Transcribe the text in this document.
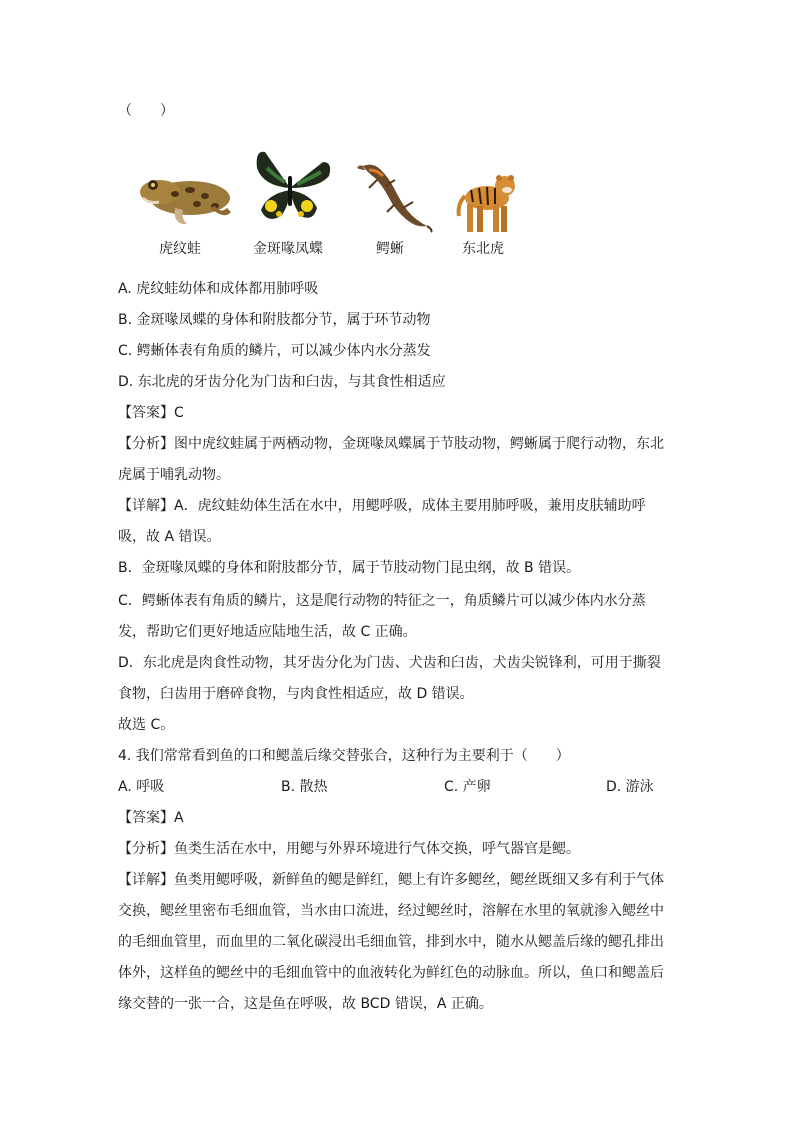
（　　）
虎纹蛙	金斑喙凤蝶	鳄蜥	东北虎
A. 虎纹蛙幼体和成体都用肺呼吸
B. 金斑喙凤蝶的身体和附肢都分节，属于环节动物
C. 鳄蜥体表有角质的鳞片，可以减少体内水分蒸发
D. 东北虎的牙齿分化为门齿和臼齿，与其食性相适应
【答案】C
【分析】图中虎纹蛙属于两栖动物，金斑喙凤蝶属于节肢动物，鳄蜥属于爬行动物，东北
虎属于哺乳动物。
【详解】A．虎纹蛙幼体生活在水中，用鳃呼吸，成体主要用肺呼吸，兼用皮肤辅助呼
吸，故 A 错误。
B．金斑喙凤蝶的身体和附肢都分节，属于节肢动物门昆虫纲，故 B 错误。
C．鳄蜥体表有角质的鳞片，这是爬行动物的特征之一，角质鳞片可以减少体内水分蒸
发，帮助它们更好地适应陆地生活，故 C 正确。
D．东北虎是肉食性动物，其牙齿分化为门齿、犬齿和臼齿，犬齿尖锐锋利，可用于撕裂
食物，臼齿用于磨碎食物，与肉食性相适应，故 D 错误。
故选 C。
4. 我们常常看到鱼的口和鳃盖后缘交替张合，这种行为主要利于（　　）
A. 呼吸	B. 散热	C. 产卵	D. 游泳
【答案】A
【分析】鱼类生活在水中，用鳃与外界环境进行气体交换，呼气器官是鳃。
【详解】鱼类用鳃呼吸，新鲜鱼的鳃是鲜红，鳃上有许多鳃丝，鳃丝既细又多有利于气体
交换，鳃丝里密布毛细血管，当水由口流进，经过鳃丝时，溶解在水里的氧就渗入鳃丝中
的毛细血管里，而血里的二氧化碳浸出毛细血管，排到水中，随水从鳃盖后缘的鳃孔排出
体外，这样鱼的鳃丝中的毛细血管中的血液转化为鲜红色的动脉血。所以，鱼口和鳃盖后
缘交替的一张一合，这是鱼在呼吸，故 BCD 错误，A 正确。
